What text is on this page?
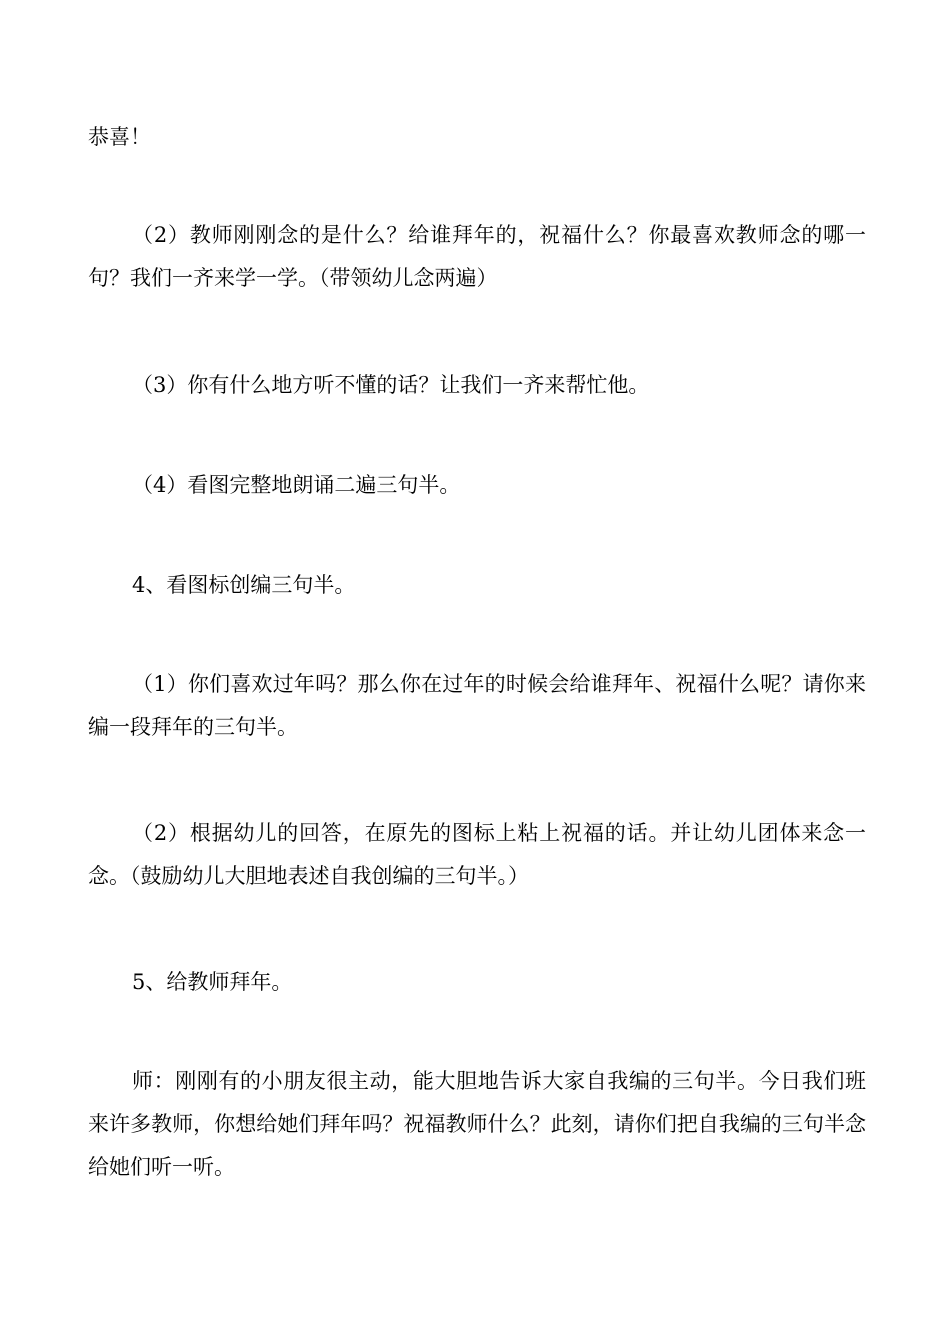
恭喜！

（2）教师刚刚念的是什么？给谁拜年的，祝福什么？你最喜欢教师念的哪一句？我们一齐来学一学。（带领幼儿念两遍）

（3）你有什么地方听不懂的话？让我们一齐来帮忙他。

（4）看图完整地朗诵二遍三句半。

4、看图标创编三句半。

（1）你们喜欢过年吗？那么你在过年的时候会给谁拜年、祝福什么呢？请你来编一段拜年的三句半。

（2）根据幼儿的回答，在原先的图标上粘上祝福的话。并让幼儿团体来念一念。（鼓励幼儿大胆地表述自我创编的三句半。）

5、给教师拜年。

师：刚刚有的小朋友很主动，能大胆地告诉大家自我编的三句半。今日我们班来许多教师，你想给她们拜年吗？祝福教师什么？此刻，请你们把自我编的三句半念给她们听一听。
